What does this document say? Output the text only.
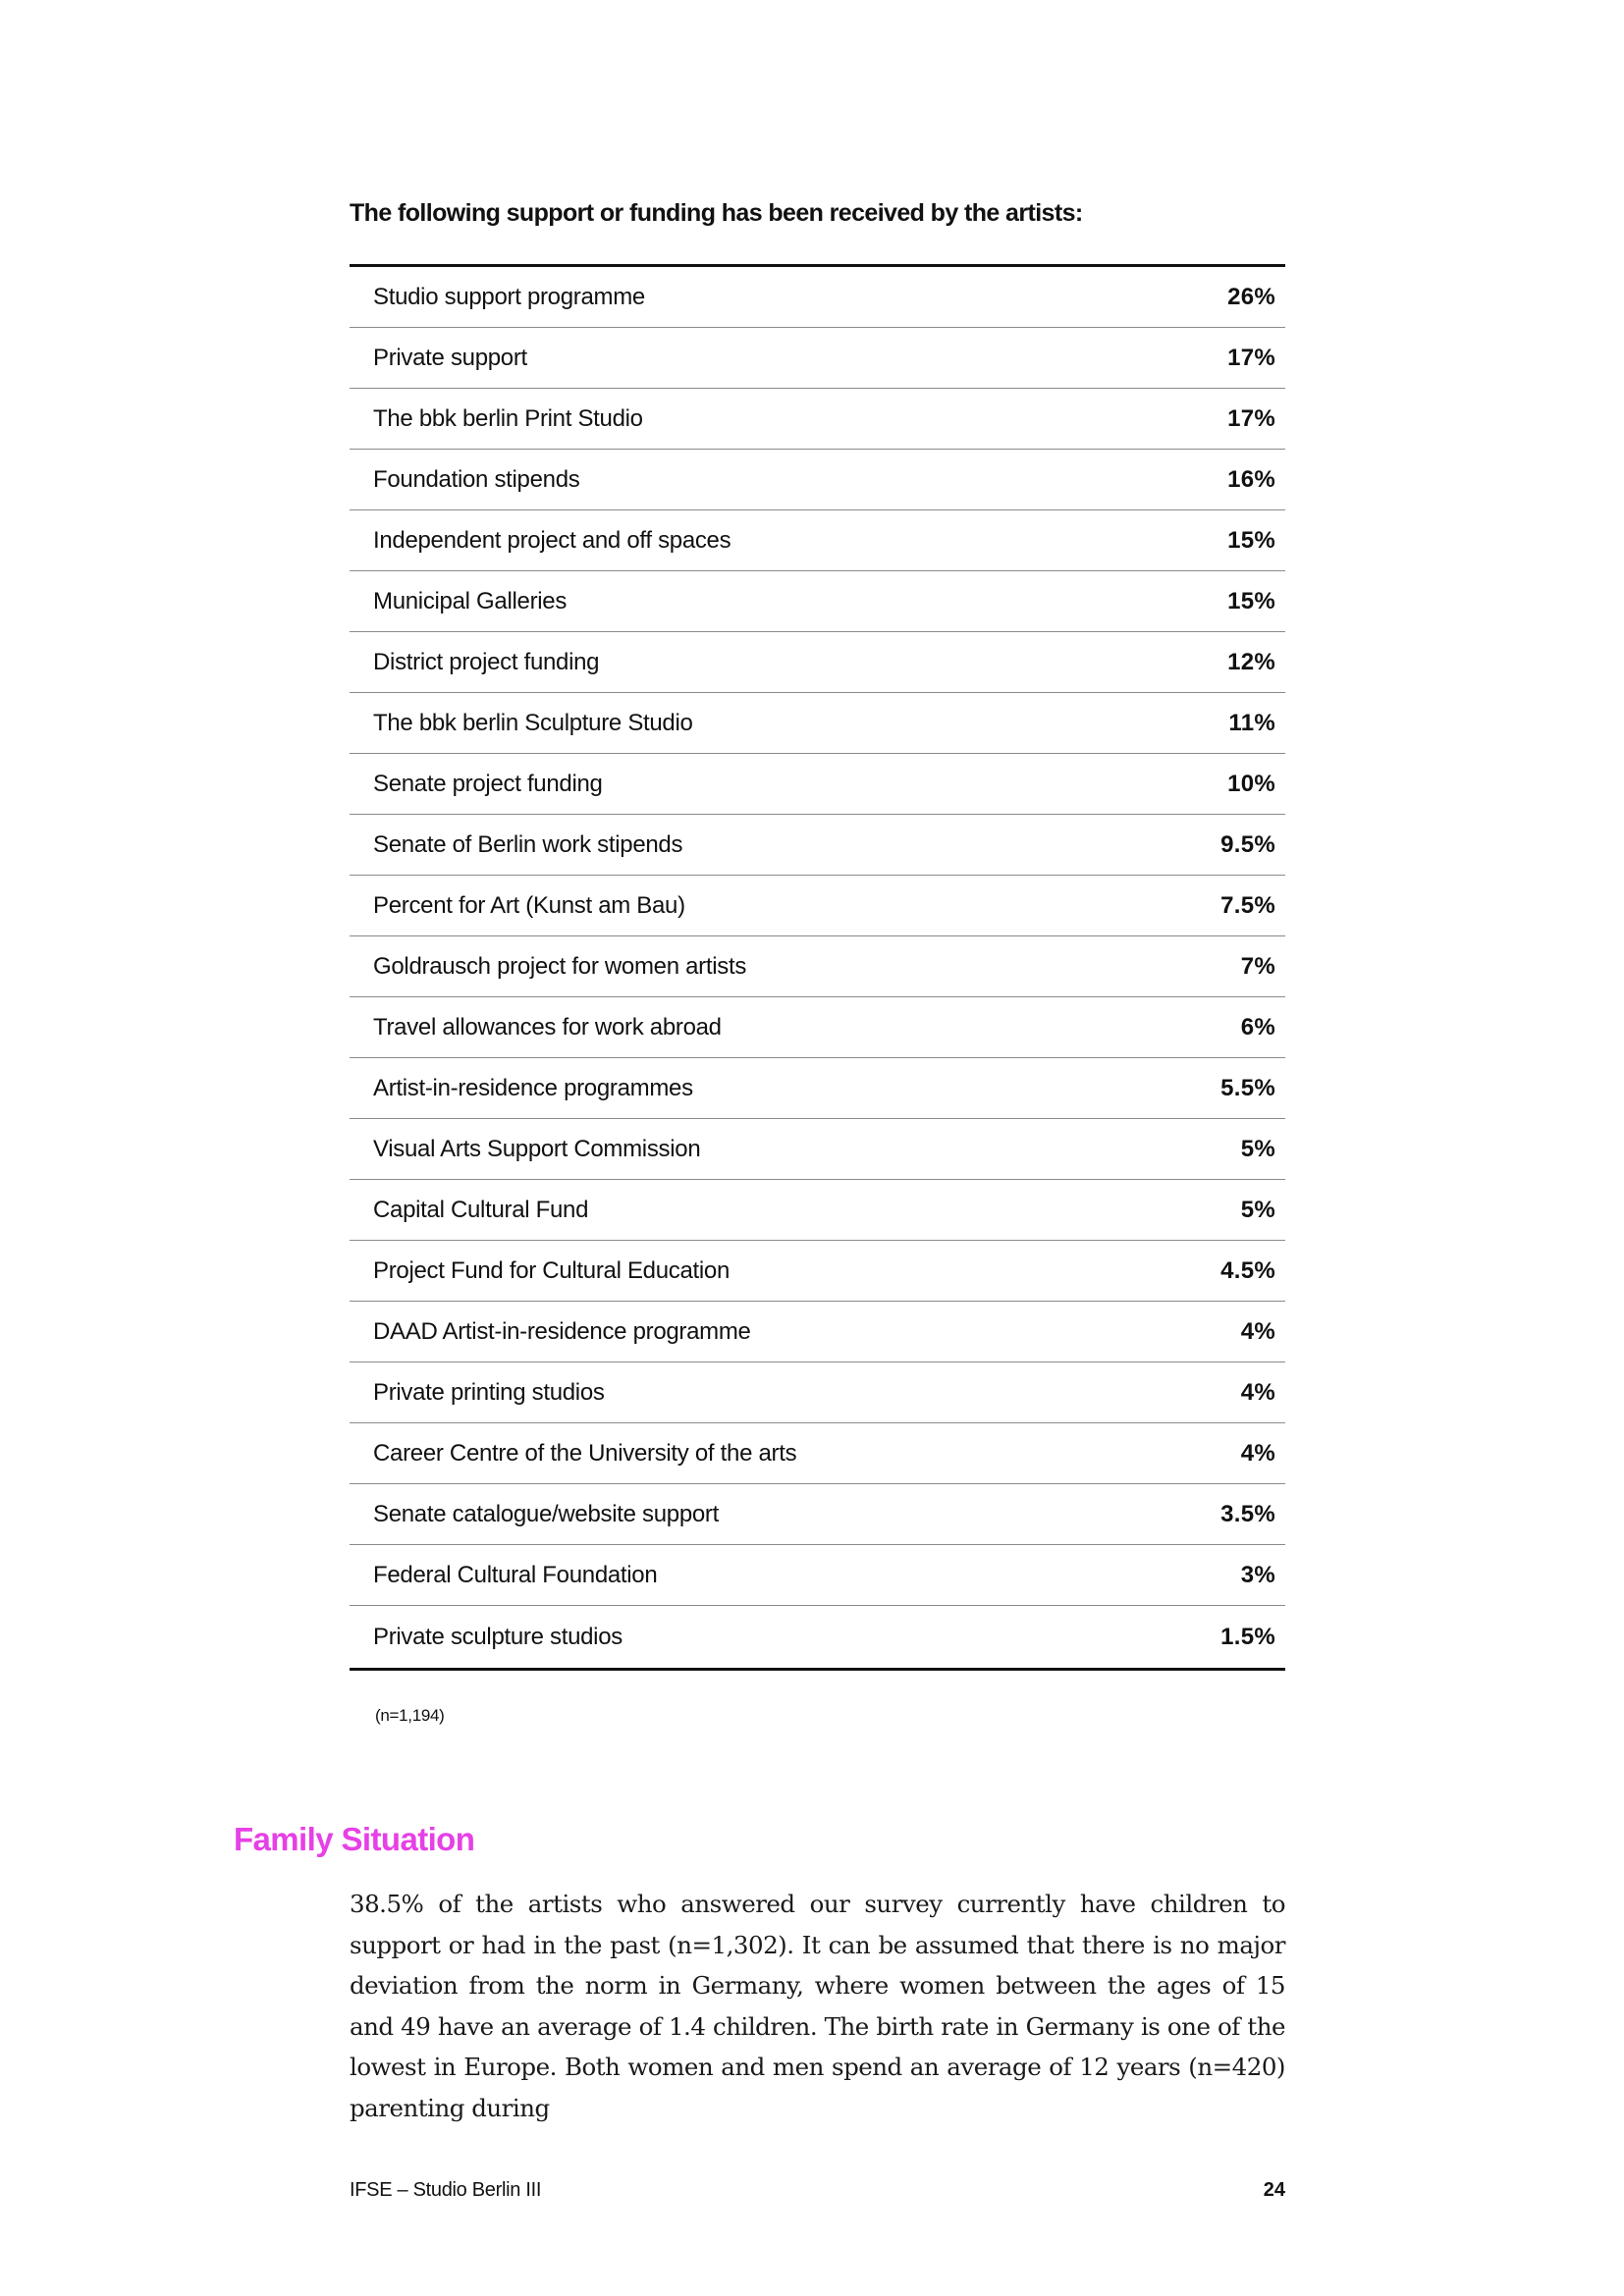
The following support or funding has been received by the artists:
Studio support programme	26%
Private support	17%
The bbk berlin Print Studio	17%
Foundation stipends	16%
Independent project and off spaces	15%
Municipal Galleries	15%
District project funding	12%
The bbk berlin Sculpture Studio	11%
Senate project funding	10%
Senate of Berlin work stipends	9.5%
Percent for Art (Kunst am Bau)	7.5%
Goldrausch project for women artists	7%
Travel allowances for work abroad	6%
Artist-in-residence programmes	5.5%
Visual Arts Support Commission	5%
Capital Cultural Fund	5%
Project Fund for Cultural Education	4.5%
DAAD Artist-in-residence programme	4%
Private printing studios	4%
Career Centre of the University of the arts	4%
Senate catalogue/website support	3.5%
Federal Cultural Foundation	3%
Private sculpture studios	1.5%
(n=1,194)
Family Situation

38.5% of the artists who answered our survey currently have children to support or had in the past (n=1,302). It can be assumed that there is no major deviation from the norm in Germany, where women between the ages of 15 and 49 have an average of 1.4 children. The birth rate in Germany is one of the lowest in Europe. Both women and men spend an average of 12 years (n=420) parenting during

IFSE – Studio Berlin III	24
